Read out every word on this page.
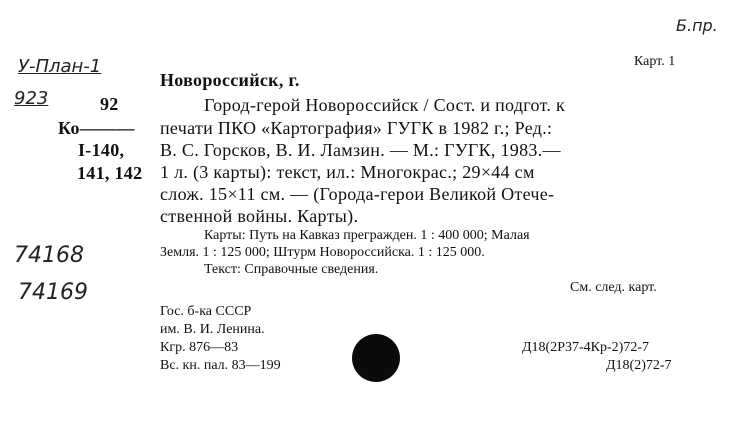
Б.пр.
У-План-1
923
74168
74169
92
Ко———
I-140,
141, 142
Карт. 1
Новороссийск, г.
Город-герой Новороссийск / Сост. и подгот. к
печати ПКО «Картография» ГУГК в 1982 г.; Ред.:
В. С. Горсков, В. И. Ламзин. — М.: ГУГК, 1983.—
1 л. (3 карты): текст, ил.: Многокрас.; 29×44 см
слож. 15×11 см. — (Города-герои Великой Отече-
ственной войны. Карты).
Карты: Путь на Кавказ преграждeн. 1 : 400 000; Малая
Земля. 1 : 125 000; Штурм Новороссийска. 1 : 125 000.
Текст: Справочные сведения.
См. след. карт.
Гос. б-ка СССР
им. В. И. Ленина.
Кгр. 876—83
Вс. кн. пал. 83—199
Д18(2Р37-4Кр-2)72-7
Д18(2)72-7
